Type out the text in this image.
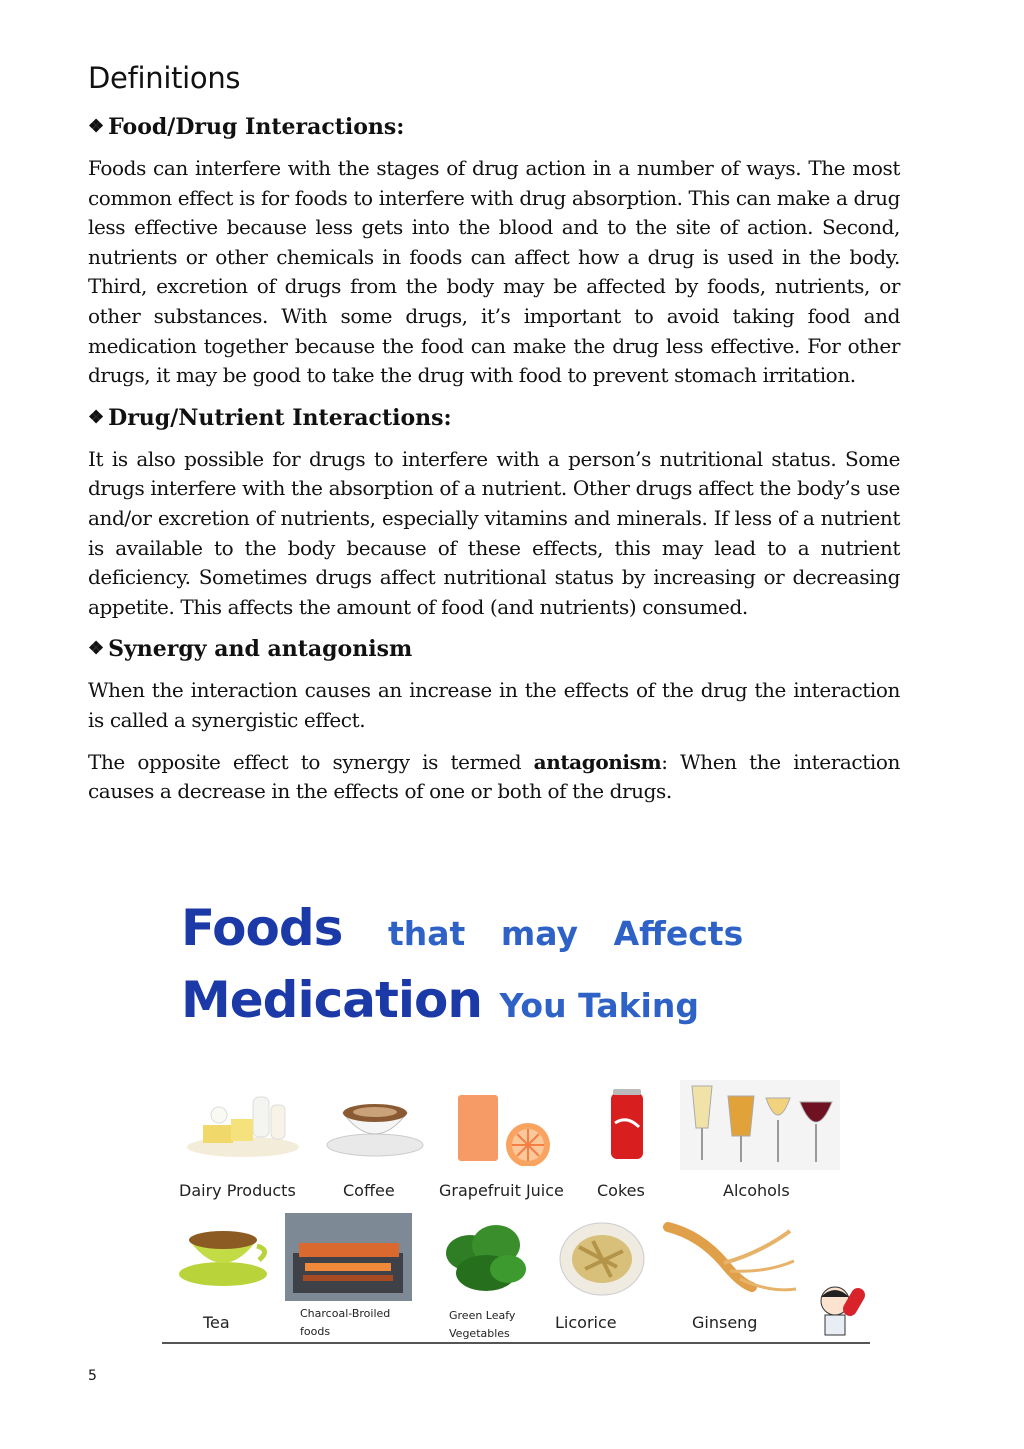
Definitions
❖ Food/Drug Interactions:

Foods can interfere with the stages of drug action in a number of ways. The most common effect is for foods to interfere with drug absorption. This can make a drug less effective because less gets into the blood and to the site of action. Second, nutrients or other chemicals in foods can affect how a drug is used in the body. Third, excretion of drugs from the body may be affected by foods, nutrients, or other substances. With some drugs, it’s important to avoid taking food and medication together because the food can make the drug less effective. For other drugs, it may be good to take the drug with food to prevent stomach irritation.

❖ Drug/Nutrient Interactions:

It is also possible for drugs to interfere with a person’s nutritional status. Some drugs interfere with the absorption of a nutrient. Other drugs affect the body’s use and/or excretion of nutrients, especially vitamins and minerals. If less of a nutrient is available to the body because of these effects, this may lead to a nutrient deficiency. Sometimes drugs affect nutritional status by increasing or decreasing appetite. This affects the amount of food (and nutrients) consumed.

❖ Synergy and antagonism

When the interaction causes an increase in the effects of the drug the interaction is called a synergistic effect.

The opposite effect to synergy is termed antagonism: When the interaction causes a decrease in the effects of one or both of the drugs.

Foods that may Affects
Medication You Taking
Dairy Products	Coffee	Grapefruit Juice Cokes	Alcohols
Tea	Charcoal-Broiled
foods
Green Leafy
Vegetables
Licorice	Ginseng
5
